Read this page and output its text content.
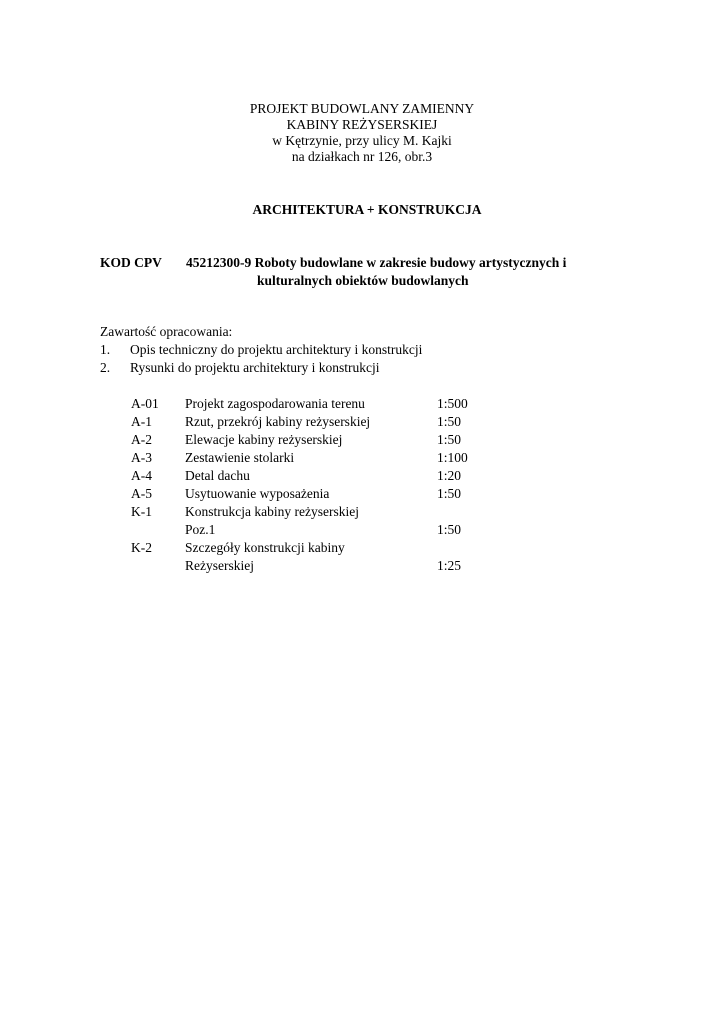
PROJEKT BUDOWLANY ZAMIENNY
KABINY REŻYSERSKIEJ
w Kętrzynie, przy ulicy M. Kajki
na działkach nr 126, obr.3
ARCHITEKTURA + KONSTRUKCJA
KOD CPV 45212300-9 Roboty budowlane w zakresie budowy artystycznych i
kulturalnych obiektów budowlanych
Zawartość opracowania:
1. Opis techniczny do projektu architektury i konstrukcji
2. Rysunki do projektu architektury i konstrukcji
A-01 Projekt zagospodarowania terenu	1:500
A-1 Rzut, przekrój kabiny reżyserskiej	1:50
A-2 Elewacje kabiny reżyserskiej	1:50
A-3 Zestawienie stolarki	1:100
A-4 Detal dachu	1:20
A-5 Usytuowanie wyposażenia	1:50
K-1 Konstrukcja kabiny reżyserskiej
Poz.1	1:50
K-2 Szczegóły konstrukcji kabiny
Reżyserskiej	1:25
